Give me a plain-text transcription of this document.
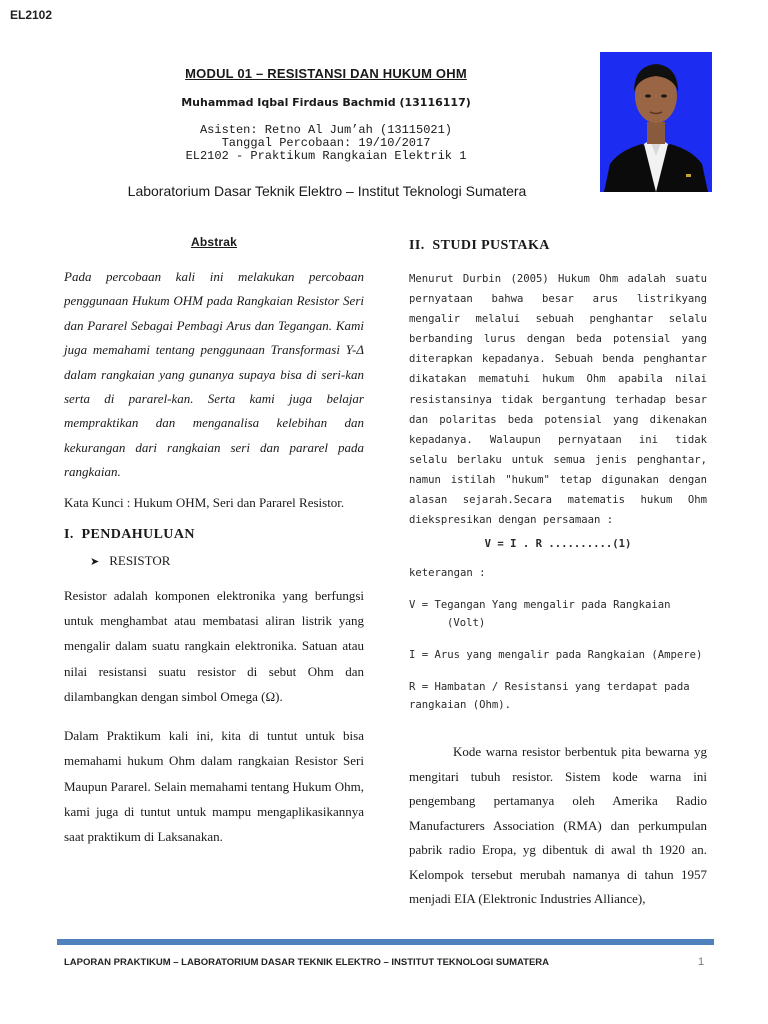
EL2102
MODUL 01 – RESISTANSI DAN HUKUM OHM
Muhammad Iqbal Firdaus Bachmid (13116117)
Asisten: Retno Al Jum’ah (13115021)
Tanggal Percobaan: 19/10/2017
EL2102 - Praktikum Rangkaian Elektrik 1
Laboratorium Dasar Teknik Elektro – Institut Teknologi Sumatera
Abstrak

Pada percobaan kali ini melakukan percobaan penggunaan Hukum OHM pada Rangkaian Resistor Seri dan Pararel Sebagai Pembagi Arus dan Tegangan. Kami juga memahami tentang penggunaan Transformasi Y-Δ dalam rangkaian yang gunanya supaya bisa di seri-kan serta di pararel-kan. Serta kami juga belajar mempraktikan dan menganalisa kelebihan dan kekurangan dari rangkaian seri dan pararel pada rangkaian.

Kata Kunci : Hukum OHM, Seri dan Pararel Resistor.

I.  PENDAHULUAN
➤ RESISTOR

Resistor adalah komponen elektronika yang berfungsi untuk menghambat atau membatasi aliran listrik yang mengalir dalam suatu rangkain elektronika. Satuan atau nilai resistansi suatu resistor di sebut Ohm dan dilambangkan dengan simbol Omega (Ω).

Dalam Praktikum kali ini, kita di tuntut untuk bisa memahami hukum Ohm dalam rangkaian Resistor Seri Maupun Pararel. Selain memahami tentang Hukum Ohm, kami juga di tuntut untuk mampu mengaplikasikannya saat praktikum di Laksanakan.

II.  STUDI PUSTAKA

Menurut Durbin (2005) Hukum Ohm adalah suatu pernyataan bahwa besar arus listrikyang mengalir melalui sebuah penghantar selalu berbanding lurus dengan beda potensial yang diterapkan kepadanya. Sebuah benda penghantar dikatakan mematuhi hukum Ohm apabila nilai resistansinya tidak bergantung terhadap besar dan polaritas beda potensial yang dikenakan kepadanya. Walaupun pernyataan ini tidak selalu berlaku untuk semua jenis penghantar, namun istilah "hukum" tetap digunakan dengan alasan sejarah.Secara matematis hukum Ohm diekspresikan dengan persamaan :

V = I . R ..........(1)
keterangan :
V = Tegangan Yang mengalir pada Rangkaian
(Volt)
I = Arus yang mengalir pada Rangkaian (Ampere)
R = Hambatan / Resistansi yang terdapat pada rangkaian (Ohm).

Kode warna resistor berbentuk pita bewarna yg mengitari tubuh resistor. Sistem kode warna ini pengembang pertamanya oleh Amerika Radio Manufacturers Association (RMA) dan perkumpulan pabrik radio Eropa, yg dibentuk di awal th 1920 an. Kelompok tersebut merubah namanya di tahun 1957 menjadi EIA (Elektronic Industries Alliance),

LAPORAN PRAKTIKUM – LABORATORIUM DASAR TEKNIK ELEKTRO – INSTITUT TEKNOLOGI SUMATERA	1
